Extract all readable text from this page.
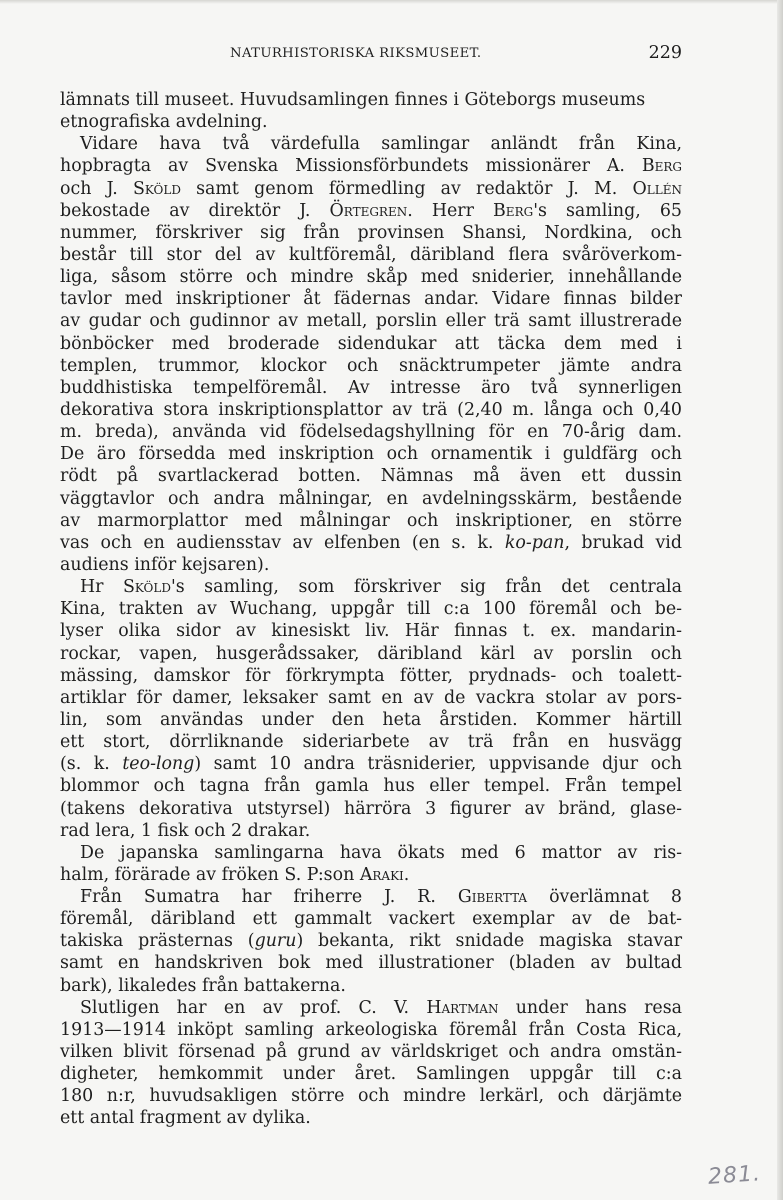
NATURHISTORISKA RIKSMUSEET.	229
lämnats till museet. Huvudsamlingen finnes i Göteborgs museums
etnografiska avdelning.
Vidare hava två värdefulla samlingar anländt från Kina,
hopbragta av Svenska Missionsförbundets missionärer A. Berg
och J. Sköld samt genom förmedling av redaktör J. M. Ollén
bekostade av direktör J. Örtegren. Herr Berg's samling, 65
nummer, förskriver sig från provinsen Shansi, Nordkina, och
består till stor del av kultföremål, däribland flera svåröverkom-
liga, såsom större och mindre skåp med sniderier, innehållande
tavlor med inskriptioner åt fädernas andar. Vidare finnas bilder
av gudar och gudinnor av metall, porslin eller trä samt illustrerade
bönböcker med broderade sidendukar att täcka dem med i
templen, trummor, klockor och snäcktrumpeter jämte andra
buddhistiska tempelföremål. Av intresse äro två synnerligen
dekorativa stora inskriptionsplattor av trä (2,40 m. långa och 0,40
m. breda), använda vid födelsedagshyllning för en 70-årig dam.
De äro försedda med inskription och ornamentik i guldfärg och
rödt på svartlackerad botten. Nämnas må även ett dussin
väggtavlor och andra målningar, en avdelningsskärm, bestående
av marmorplattor med målningar och inskriptioner, en större
vas och en audiensstav av elfenben (en s. k. ko-pan, brukad vid
audiens inför kejsaren).
Hr Sköld's samling, som förskriver sig från det centrala
Kina, trakten av Wuchang, uppgår till c:a 100 föremål och be-
lyser olika sidor av kinesiskt liv. Här finnas t. ex. mandarin-
rockar, vapen, husgerådssaker, däribland kärl av porslin och
mässing, damskor för förkrympta fötter, prydnads- och toalett-
artiklar för damer, leksaker samt en av de vackra stolar av pors-
lin, som användas under den heta årstiden. Kommer härtill
ett stort, dörrliknande sideriarbete av trä från en husvägg
(s. k. teo-long) samt 10 andra träsniderier, uppvisande djur och
blommor och tagna från gamla hus eller tempel. Från tempel
(takens dekorativa utstyrsel) härröra 3 figurer av bränd, glase-
rad lera, 1 fisk och 2 drakar.
De japanska samlingarna hava ökats med 6 mattor av ris-
halm, förärade av fröken S. P:son Araki.
Från Sumatra har friherre J. R. Gibertta överlämnat 8
föremål, däribland ett gammalt vackert exemplar av de bat-
takiska prästernas (guru) bekanta, rikt snidade magiska stavar
samt en handskriven bok med illustrationer (bladen av bultad
bark), likaledes från battakerna.
Slutligen har en av prof. C. V. Hartman under hans resa
1913—1914 inköpt samling arkeologiska föremål från Costa Rica,
vilken blivit försenad på grund av världskriget och andra omstän-
digheter, hemkommit under året. Samlingen uppgår till c:a
180 n:r, huvudsakligen större och mindre lerkärl, och därjämte
ett antal fragment av dylika.
281.
